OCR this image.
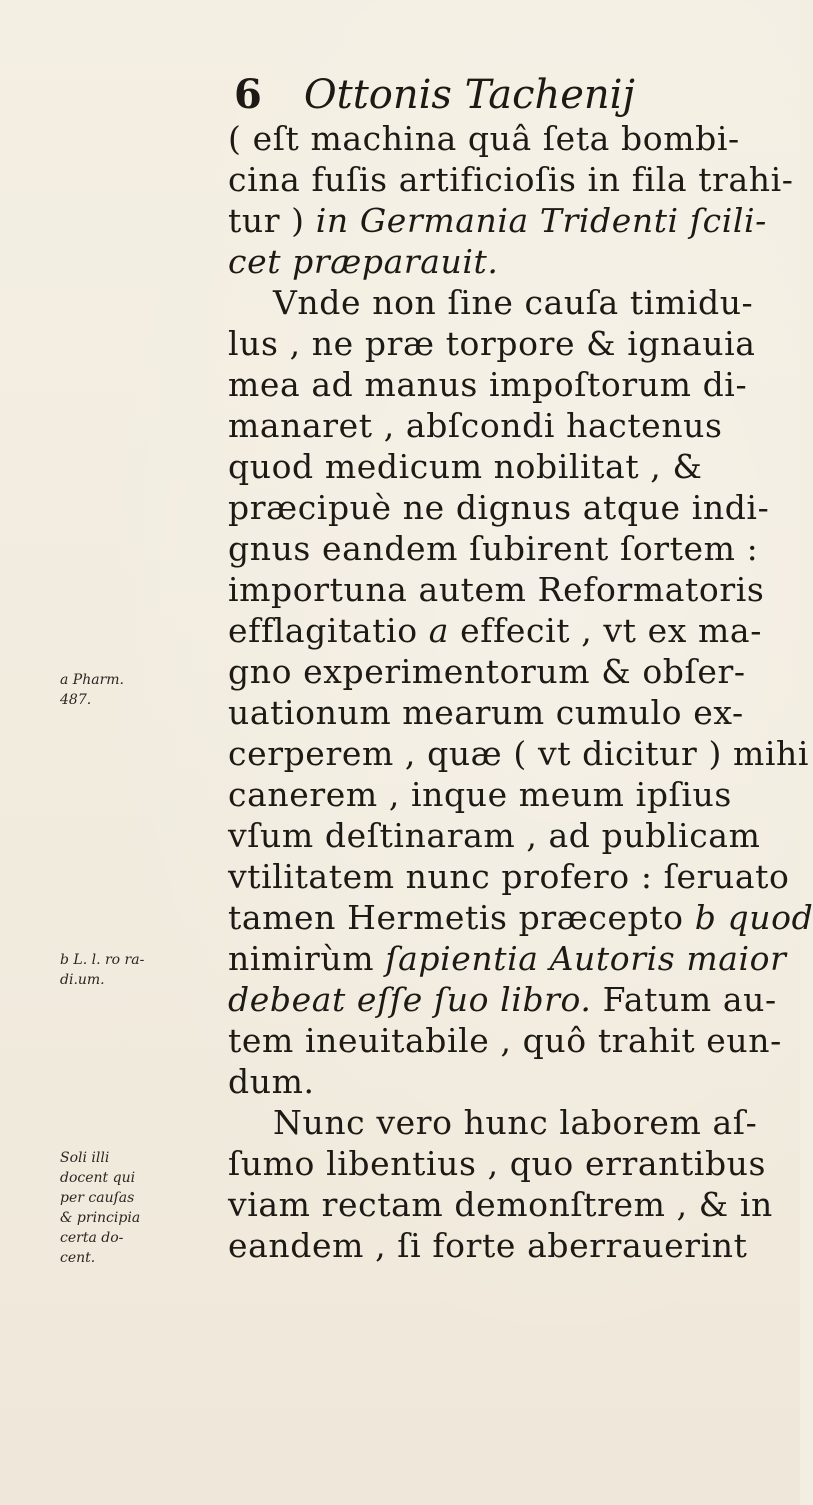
6 Ottonis Tachenij
( eſt machina quâ ſeta bombi-
cina fuſis artificioſis in fila trahi-
tur ) in Germania Tridenti ſcili-
cet præparauit.
Vnde non ſine cauſa timidu-
lus , ne præ torpore & ignauia
mea ad manus impoſtorum di-
manaret , abſcondi hactenus
quod medicum nobilitat , &
præcipuè ne dignus atque indi-
gnus eandem ſubirent ſortem :
importuna autem Reformatoris
efflagitatio a effecit , vt ex ma-
gno experimentorum & obſer-
uationum mearum cumulo ex-
cerperem , quæ ( vt dicitur ) mihi
canerem , inque meum ipſius
vſum deſtinaram , ad publicam
vtilitatem nunc profero : ſeruato
tamen Hermetis præcepto b quod
nimirùm ſapientia Autoris maior
debeat eſſe ſuo libro. Fatum au-
tem ineuitabile , quô trahit eun-
dum.
Nunc vero hunc laborem aſ-
ſumo libentius , quo errantibus
viam rectam demonſtrem , & in
eandem , ſi forte aberrauerint
a Pharm.
487.
b L. l. ro ra-
di.um.
Soli illi
docent qui
per cauſas
& principia
certa do-
cent.
